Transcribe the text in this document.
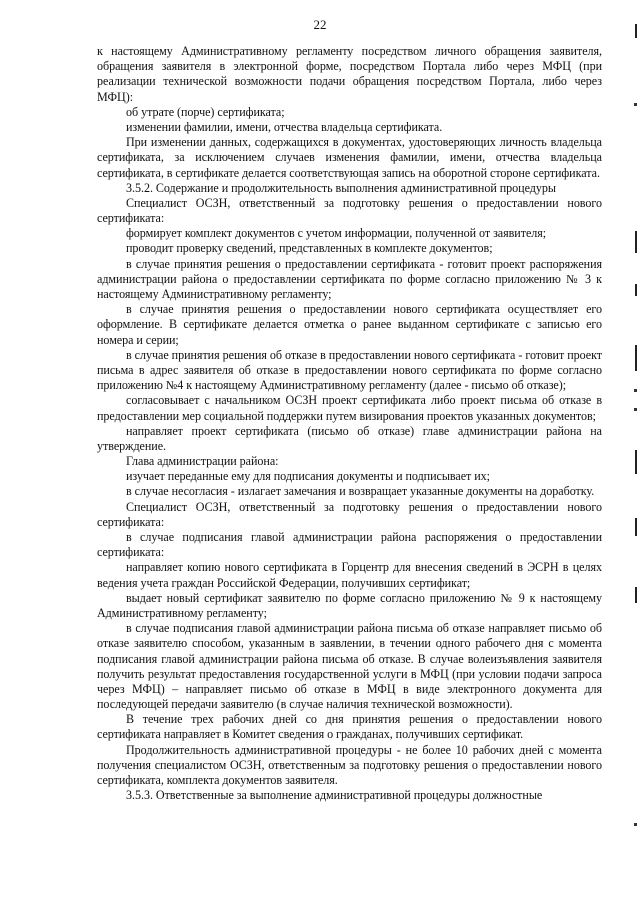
22

к настоящему Административному регламенту посредством личного обращения заявителя, обращения заявителя в электронной форме, посредством Портала либо через МФЦ (при реализации технической возможности подачи обращения посредством Портала, либо через МФЦ):

об утрате (порче) сертификата;

изменении фамилии, имени, отчества владельца сертификата.

При изменении данных, содержащихся в документах, удостоверяющих личность владельца сертификата, за исключением случаев изменения фамилии, имени, отчества владельца сертификата, в сертификате делается соответствующая запись на оборотной стороне сертификата.

3.5.2. Содержание и продолжительность выполнения административной процедуры

Специалист ОСЗН, ответственный за подготовку решения о предоставлении нового сертификата:

формирует комплект документов с учетом информации, полученной от заявителя;

проводит проверку сведений, представленных в комплекте документов;

в случае принятия решения о предоставлении сертификата - готовит проект распоряжения администрации района о предоставлении сертификата по форме согласно приложению № 3 к настоящему Административному регламенту;

в случае принятия решения о предоставлении нового сертификата осуществляет его оформление. В сертификате делается отметка о ранее выданном сертификате с записью его номера и серии;

в случае принятия решения об отказе в предоставлении нового сертификата - готовит проект письма в адрес заявителя об отказе в предоставлении нового сертификата по форме согласно приложению №4 к настоящему Административному регламенту (далее - письмо об отказе);

согласовывает с начальником ОСЗН проект сертификата либо проект письма об отказе в предоставлении мер социальной поддержки путем визирования проектов указанных документов;

направляет проект сертификата (письмо об отказе) главе администрации района на утверждение.

Глава администрации района:

изучает переданные ему для подписания документы и подписывает их;

в случае несогласия - излагает замечания и возвращает указанные документы на доработку.

Специалист ОСЗН, ответственный за подготовку решения о предоставлении нового сертификата:

в случае подписания главой администрации района распоряжения о предоставлении сертификата:

направляет копию нового сертификата в Горцентр для внесения сведений в ЭСРН в целях ведения учета граждан Российской Федерации, получивших сертификат;

выдает новый сертификат заявителю по форме согласно приложению № 9 к настоящему Административному регламенту;

в случае подписания главой администрации района письма об отказе направляет письмо об отказе заявителю способом, указанным в заявлении, в течении одного рабочего дня с момента подписания главой администрации района письма об отказе. В случае волеизъявления заявителя получить результат предоставления государственной услуги в МФЦ (при условии подачи запроса через МФЦ) – направляет письмо об отказе в МФЦ в виде электронного документа для последующей передачи заявителю (в случае наличия технической возможности).

В течение трех рабочих дней со дня принятия решения о предоставлении нового сертификата направляет в Комитет сведения о гражданах, получивших сертификат.

Продолжительность административной процедуры - не более 10 рабочих дней с момента получения специалистом ОСЗН, ответственным за подготовку решения о предоставлении нового сертификата, комплекта документов заявителя.

3.5.3. Ответственные за выполнение административной процедуры должностные
